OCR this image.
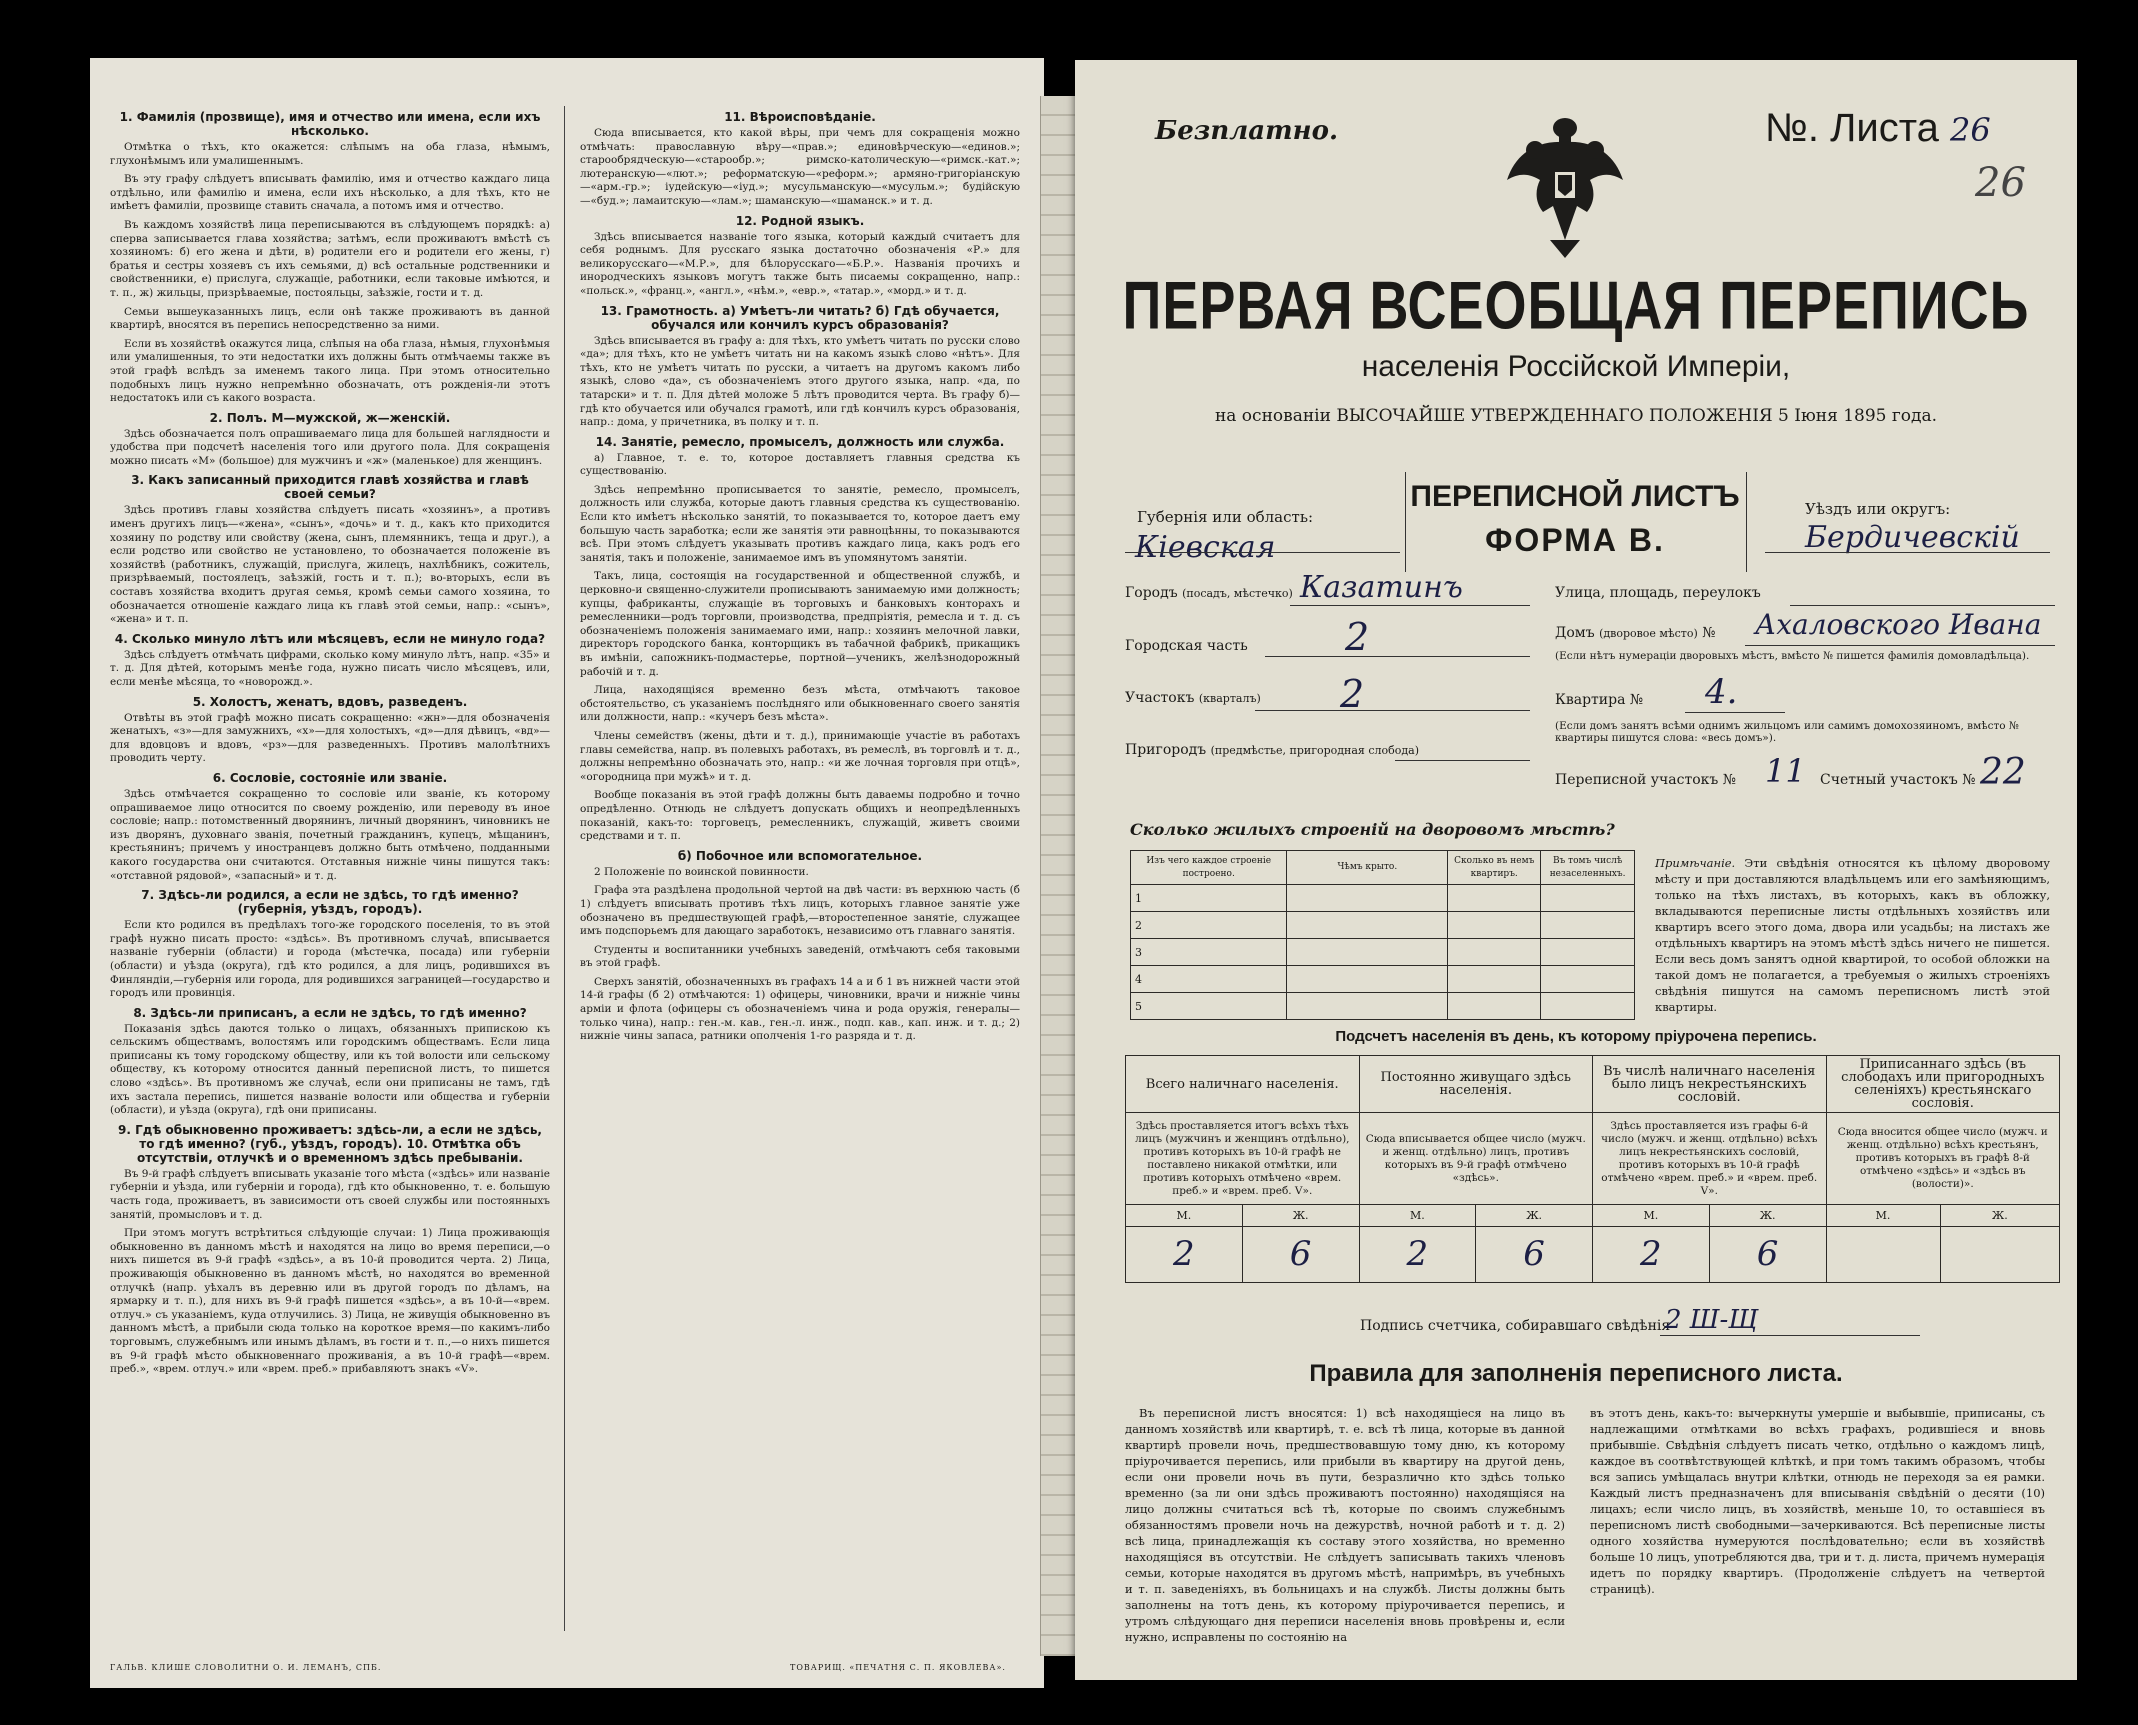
1. Фамилія (прозвище), имя и отчество или имена, если ихъ нѣсколько.

Отмѣтка о тѣхъ, кто окажется: слѣпымъ на оба глаза, нѣмымъ, глухонѣмымъ или умалишеннымъ.

Въ эту графу слѣдуетъ вписывать фамилію, имя и отчество каждаго лица отдѣльно, или фамилію и имена, если ихъ нѣсколько, а для тѣхъ, кто не имѣетъ фамиліи, прозвище ставить сначала, а потомъ имя и отчество.

Въ каждомъ хозяйствѣ лица переписываются въ слѣдующемъ порядкѣ: а) сперва записывается глава хозяйства; затѣмъ, если проживаютъ вмѣстѣ съ хозяиномъ: б) его жена и дѣти, в) родители его и родители его жены, г) братья и сестры хозяевъ съ ихъ семьями, д) всѣ остальные родственники и свойственники, е) прислуга, служащіе, работники, если таковые имѣются, и т. п., ж) жильцы, призрѣваемые, постояльцы, заѣзжіе, гости и т. д.

Семьи вышеуказанныхъ лицъ, если онѣ также проживаютъ въ данной квартирѣ, вносятся въ перепись непосредственно за ними.

Если въ хозяйствѣ окажутся лица, слѣпыя на оба глаза, нѣмыя, глухонѣмыя или умалишенныя, то эти недостатки ихъ должны быть отмѣчаемы также въ этой графѣ вслѣдъ за именемъ такого лица. При этомъ относительно подобныхъ лицъ нужно непремѣнно обозначать, отъ рожденія-ли этотъ недостатокъ или съ какого возраста.

2. Полъ. М—мужской, ж—женскій.

Здѣсь обозначается полъ опрашиваемаго лица для большей наглядности и удобства при подсчетѣ населенія того или другого пола. Для сокращенія можно писать «М» (большое) для мужчинъ и «ж» (маленькое) для женщинъ.

3. Какъ записанный приходится главѣ хозяйства и главѣ своей семьи?

Здѣсь противъ главы хозяйства слѣдуетъ писать «хозяинъ», а противъ именъ другихъ лицъ—«жена», «сынъ», «дочь» и т. д., какъ кто приходится хозяину по родству или свойству (жена, сынъ, племянникъ, теща и друг.), а если родство или свойство не установлено, то обозначается положеніе въ хозяйствѣ (работникъ, служащій, прислуга, жилецъ, нахлѣбникъ, сожитель, призрѣваемый, постоялецъ, заѣзжій, гость и т. п.); во-вторыхъ, если въ составъ хозяйства входитъ другая семья, кромѣ семьи самого хозяина, то обозначается отношеніе каждаго лица къ главѣ этой семьи, напр.: «сынъ», «жена» и т. п.

4. Сколько минуло лѣтъ или мѣсяцевъ, если не минуло года?

Здѣсь слѣдуетъ отмѣчать цифрами, сколько кому минуло лѣтъ, напр. «35» и т. д. Для дѣтей, которымъ менѣе года, нужно писать число мѣсяцевъ, или, если менѣе мѣсяца, то «новорожд.».

5. Холостъ, женатъ, вдовъ, разведенъ.

Отвѣты въ этой графѣ можно писать сокращенно: «жн»—для обозначенія женатыхъ, «з»—для замужнихъ, «х»—для холостыхъ, «д»—для дѣвицъ, «вд»—для вдовцовъ и вдовъ, «рз»—для разведенныхъ. Противъ малолѣтнихъ проводить черту.

6. Сословіе, состояніе или званіе.

Здѣсь отмѣчается сокращенно то сословіе или званіе, къ которому опрашиваемое лицо относится по своему рожденію, или переводу въ иное сословіе; напр.: потомственный дворянинъ, личный дворянинъ, чиновникъ не изъ дворянъ, духовнаго званія, почетный гражданинъ, купецъ, мѣщанинъ, крестьянинъ; причемъ у иностранцевъ должно быть отмѣчено, подданными какого государства они считаются. Отставныя нижніе чины пишутся такъ: «отставной рядовой», «запасный» и т. д.

7. Здѣсь-ли родился, а если не здѣсь, то гдѣ именно? (губернія, уѣздъ, городъ).

Если кто родился въ предѣлахъ того-же городского поселенія, то въ этой графѣ нужно писать просто: «здѣсь». Въ противномъ случаѣ, вписывается названіе губерніи (области) и города (мѣстечка, посада) или губерніи (области) и уѣзда (округа), гдѣ кто родился, а для лицъ, родившихся въ Финляндіи,—губернія или города, для родившихся заграницей—государство и городъ или провинція.

8. Здѣсь-ли приписанъ, а если не здѣсь, то гдѣ именно?

Показанія здѣсь даются только о лицахъ, обязанныхъ припискою къ сельскимъ обществамъ, волостямъ или городскимъ обществамъ. Если лица приписаны къ тому городскому обществу, или къ той волости или сельскому обществу, къ которому относится данный переписной листъ, то пишется слово «здѣсь». Въ противномъ же случаѣ, если они приписаны не тамъ, гдѣ ихъ застала перепись, пишется названіе волости или общества и губерніи (области), и уѣзда (округа), гдѣ они приписаны.

9. Гдѣ обыкновенно проживаетъ: здѣсь-ли, а если не здѣсь, то гдѣ именно? (губ., уѣздъ, городъ). 10. Отмѣтка объ отсутствіи, отлучкѣ и о временномъ здѣсь пребываніи.

Въ 9-й графѣ слѣдуетъ вписывать указаніе того мѣста («здѣсь» или названіе губерніи и уѣзда, или губерніи и города), гдѣ кто обыкновенно, т. е. большую часть года, проживаетъ, въ зависимости отъ своей службы или постоянныхъ занятій, промысловъ и т. д.

При этомъ могутъ встрѣтиться слѣдующіе случаи: 1) Лица проживающія обыкновенно въ данномъ мѣстѣ и находятся на лицо во время переписи,—о нихъ пишется въ 9-й графѣ «здѣсь», а въ 10-й проводится черта. 2) Лица, проживающія обыкновенно въ данномъ мѣстѣ, но находятся во временной отлучкѣ (напр. уѣхалъ въ деревню или въ другой городъ по дѣламъ, на ярмарку и т. п.), для нихъ въ 9-й графѣ пишется «здѣсь», а въ 10-й—«врем. отлуч.» съ указаніемъ, куда отлучились. 3) Лица, не живущія обыкновенно въ данномъ мѣстѣ, а прибыли сюда только на короткое время—по какимъ-либо торговымъ, служебнымъ или инымъ дѣламъ, въ гости и т. п.,—о нихъ пишется въ 9-й графѣ мѣсто обыкновеннаго проживанія, а въ 10-й графѣ—«врем. преб.», «врем. отлуч.» или «врем. преб.» прибавляютъ знакъ «V».

11. Вѣроисповѣданіе.

Сюда вписывается, кто какой вѣры, при чемъ для сокращенія можно отмѣчать: православную вѣру—«прав.»; единовѣрческую—«единов.»; старообрядческую—«старообр.»; римско-католическую—«римск.-кат.»; лютеранскую—«лют.»; реформатскую—«реформ.»; армяно-григоріанскую—«арм.-гр.»; іудейскую—«іуд.»; мусульманскую—«мусульм.»; будійскую—«буд.»; ламаитскую—«лам.»; шаманскую—«шаманск.» и т. д.

12. Родной языкъ.

Здѣсь вписывается названіе того языка, который каждый считаетъ для себя роднымъ. Для русскаго языка достаточно обозначенія «Р.» для великорусскаго—«М.Р.», для бѣлорусскаго—«Б.Р.». Названія прочихъ и инородческихъ языковъ могутъ также быть писаемы сокращенно, напр.: «польск.», «франц.», «англ.», «нѣм.», «евр.», «татар.», «морд.» и т. д.

13. Грамотность. а) Умѣетъ-ли читать? б) Гдѣ обучается, обучался или кончилъ курсъ образованія?

Здѣсь вписывается въ графу а: для тѣхъ, кто умѣетъ читать по русски слово «да»; для тѣхъ, кто не умѣетъ читать ни на какомъ языкѣ слово «нѣтъ». Для тѣхъ, кто не умѣетъ читать по русски, а читаетъ на другомъ какомъ либо языкѣ, слово «да», съ обозначеніемъ этого другого языка, напр. «да, по татарски» и т. п. Для дѣтей моложе 5 лѣтъ проводится черта. Въ графу б)—гдѣ кто обучается или обучался грамотѣ, или гдѣ кончилъ курсъ образованія, напр.: дома, у причетника, въ полку и т. п.

14. Занятіе, ремесло, промыселъ, должность или служба.

а) Главное, т. е. то, которое доставляетъ главныя средства къ существованію.

Здѣсь непремѣнно прописывается то занятіе, ремесло, промыселъ, должность или служба, которые даютъ главныя средства къ существованію. Если кто имѣетъ нѣсколько занятій, то показывается то, которое даетъ ему большую часть заработка; если же занятія эти равноцѣнны, то показываются всѣ. При этомъ слѣдуетъ указывать противъ каждаго лица, какъ родъ его занятія, такъ и положеніе, занимаемое имъ въ упомянутомъ занятіи.

Такъ, лица, состоящія на государственной и общественной службѣ, и церковно-и священно-служители прописываютъ занимаемую ими должность; купцы, фабриканты, служащіе въ торговыхъ и банковыхъ конторахъ и ремесленники—родъ торговли, производства, предпріятія, ремесла и т. д. съ обозначеніемъ положенія занимаемаго ими, напр.: хозяинъ мелочной лавки, директоръ городского банка, конторщикъ въ табачной фабрикѣ, прикащикъ въ имѣніи, сапожникъ-подмастерье, портной—ученикъ, желѣзнодорожный рабочій и т. д.

Лица, находящіяся временно безъ мѣста, отмѣчаютъ таковое обстоятельство, съ указаніемъ послѣдняго или обыкновеннаго своего занятія или должности, напр.: «кучеръ безъ мѣста».

Члены семействъ (жены, дѣти и т. д.), принимающіе участіе въ работахъ главы семейства, напр. въ полевыхъ работахъ, въ ремеслѣ, въ торговлѣ и т. д., должны непремѣнно обозначать это, напр.: «и же лочная торговля при отцѣ», «огородница при мужѣ» и т. д.

Вообще показанія въ этой графѣ должны быть даваемы подробно и точно опредѣленно. Отнюдь не слѣдуетъ допускать общихъ и неопредѣленныхъ показаній, какъ-то: торговецъ, ремесленникъ, служащій, живетъ своими средствами и т. п.

б) Побочное или вспомогательное.

2 Положеніе по воинской повинности.

Графа эта раздѣлена продольной чертой на двѣ части: въ верхнюю часть (б 1) слѣдуетъ вписывать противъ тѣхъ лицъ, которыхъ главное занятіе уже обозначено въ предшествующей графѣ,—второстепенное занятіе, служащее имъ подспорьемъ для дающаго заработокъ, независимо отъ главнаго занятія.

Студенты и воспитанники учебныхъ заведеній, отмѣчаютъ себя таковыми въ этой графѣ.

Сверхъ занятій, обозначенныхъ въ графахъ 14 а и б 1 въ нижней части этой 14-й графы (б 2) отмѣчаются: 1) офицеры, чиновники, врачи и нижніе чины арміи и флота (офицеры съ обозначеніемъ чина и рода оружія, генералы—только чина), напр.: ген.-м. кав., ген.-л. инж., подп. кав., кап. инж. и т. д.; 2) нижніе чины запаса, ратники ополченія 1-го разряда и т. д.

ГАЛЬВ. КЛИШЕ СЛОВОЛИТНИ О. И. ЛЕМАНЪ, СПБ.	ТОВАРИЩ. «ПЕЧАТНЯ С. П. ЯКОВЛЕВА».
Безплатно.	№. Листа 26
26
ПЕРВАЯ ВСЕОБЩАЯ ПЕРЕПИСЬ
населенія Россійской Имперіи,
на основаніи ВЫСОЧАЙШЕ УТВЕРЖДЕННАГО ПОЛОЖЕНІЯ 5 Іюня 1895 года.
Губернія или область:
Кіевская
ПЕРЕПИСНОЙ ЛИСТЪ
ФОРМА В.
Уѣздъ или округъ:
Бердичевскій
Городъ (посадъ, мѣстечко) Казатинъ
Городская часть	2
Участокъ (кварталъ) 2
Пригородъ (предмѣстье, пригородная слобода)
Улица, площадь, переулокъ
Домъ (дворовое мѣсто) № Ахаловского Ивана
(Если нѣтъ нумераціи дворовыхъ мѣстъ, вмѣсто № пишется фамилія домовладѣльца).
Квартира № 4.
(Если домъ занятъ всѣми однимъ жильцомъ или самимъ домохозяиномъ, вмѣсто № квартиры пишутся слова: «весь домъ»).
Переписной участокъ № 11 Счетный участокъ № 22
Сколько жилыхъ строеній на дворовомъ мѣстѣ?
Изъ чего каждое строеніе построено.	Чѣмъ крыто.	Сколько въ немъ квартиръ.	Въ томъ числѣ незаселенныхъ.
1			
2			
3			
4			
5			
Примѣчаніе. Эти свѣдѣнія относятся къ цѣлому дворовому мѣсту и при доставляются владѣльцемъ или его замѣняющимъ, только на тѣхъ листахъ, въ которыхъ, какъ въ обложку, вкладываются переписные листы отдѣльныхъ хозяйствъ или квартиръ всего этого дома, двора или усадьбы; на листахъ же отдѣльныхъ квартиръ на этомъ мѣстѣ здѣсь ничего не пишется. Если весь домъ занятъ одной квартирой, то особой обложки на такой домъ не полагается, а требуемыя о жилыхъ строеніяхъ свѣдѣнія пишутся на самомъ переписномъ листѣ этой квартиры.
Подсчетъ населенія въ день, къ которому пріурочена перепись.
Всего наличнаго населенія.		Постоянно живущаго здѣсь населенія.		Въ числѣ наличнаго населенія было лицъ некрестьянскихъ сословій.		Приписаннаго здѣсь (въ слободахъ или пригородныхъ селеніяхъ) крестьянскаго сословія.	
Здѣсь проставляется итогъ всѣхъ тѣхъ лицъ (мужчинъ и женщинъ отдѣльно), противъ которыхъ въ 10-й графѣ не поставлено никакой отмѣтки, или противъ которыхъ отмѣчено «врем. преб.» и «врем. преб. V».		Сюда вписывается общее число (мужч. и женщ. отдѣльно) лицъ, противъ которыхъ въ 9-й графѣ отмѣчено «здѣсь».		Здѣсь проставляется изъ графы 6-й число (мужч. и женщ. отдѣльно) всѣхъ лицъ некрестьянскихъ сословій, противъ которыхъ въ 10-й графѣ отмѣчено «врем. преб.» и «врем. преб. V».		Сюда вносится общее число (мужч. и женщ. отдѣльно) всѣхъ крестьянъ, противъ которыхъ въ графѣ 8-й отмѣчено «здѣсь» и «здѣсь въ (волости)».	
М.	Ж.	М.	Ж.	М.	Ж.	М.	Ж.
2	6	2	6	2	6		
Подпись счетчика, собиравшаго свѣдѣнія
2 Ш-Щ
Правила для заполненія переписного листа.
Въ переписной листъ вносятся: 1) всѣ находящіеся на лицо въ данномъ хозяйствѣ или квартирѣ, т. е. всѣ тѣ лица, которые въ данной квартирѣ провели ночь, предшествовавшую тому дню, къ которому пріурочивается перепись, или прибыли въ квартиру на другой день, если они провели ночь въ пути, безразлично кто здѣсь только временно (за ли они здѣсь проживаютъ постоянно) находящіяся на лицо должны считаться всѣ тѣ, которые по своимъ служебнымъ обязанностямъ провели ночь на дежурствѣ, ночной работѣ и т. д. 2) всѣ лица, принадлежащія къ составу этого хозяйства, но временно находящіяся въ отсутствіи. Не слѣдуетъ записывать такихъ членовъ семьи, которые находятся въ другомъ мѣстѣ, напримѣръ, въ учебныхъ и т. п. заведеніяхъ, въ больницахъ и на службѣ. Листы должны быть заполнены на тотъ день, къ которому пріурочивается перепись, и утромъ слѣдующаго дня переписи населенія вновь провѣрены и, если нужно, исправлены по состоянію на
въ этотъ день, какъ-то: вычеркнуты умершіе и выбывшіе, приписаны, съ надлежащими отмѣтками во всѣхъ графахъ, родившіеся и вновь прибывшіе. Свѣдѣнія слѣдуетъ писать четко, отдѣльно о каждомъ лицѣ, каждое въ соотвѣтствующей клѣткѣ, и при томъ такимъ образомъ, чтобы вся запись умѣщалась внутри клѣтки, отнюдь не переходя за ея рамки. Каждый листъ предназначенъ для вписыванія свѣдѣній о десяти (10) лицахъ; если число лицъ, въ хозяйствѣ, меньше 10, то оставшіеся въ переписномъ листѣ свободными—зачеркиваются. Всѣ переписные листы одного хозяйства нумеруются послѣдовательно; если въ хозяйствѣ больше 10 лицъ, употребляются два, три и т. д. листа, причемъ нумерація идетъ по порядку квартиръ. (Продолженіе слѣдуетъ на четвертой страницѣ).
